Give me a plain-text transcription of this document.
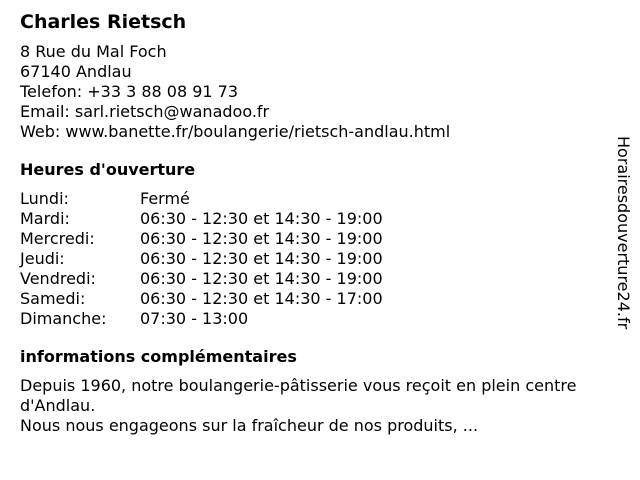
Charles Rietsch
8 Rue du Mal Foch
67140 Andlau
Telefon: +33 3 88 08 91 73
Email: sarl.rietsch@wanadoo.fr
Web: www.banette.fr/boulangerie/rietsch-andlau.html
Heures d'ouverture
Lundi:	Fermé
Mardi:	06:30 - 12:30 et 14:30 - 19:00
Mercredi:	06:30 - 12:30 et 14:30 - 19:00
Jeudi:	06:30 - 12:30 et 14:30 - 19:00
Vendredi:	06:30 - 12:30 et 14:30 - 19:00
Samedi:	06:30 - 12:30 et 14:30 - 17:00
Dimanche:	07:30 - 13:00
informations complémentaires
Depuis 1960, notre boulangerie-pâtisserie vous reçoit en plein centre d'Andlau.
Nous nous engageons sur la fraîcheur de nos produits, ...
Horairesdouverture24.fr
